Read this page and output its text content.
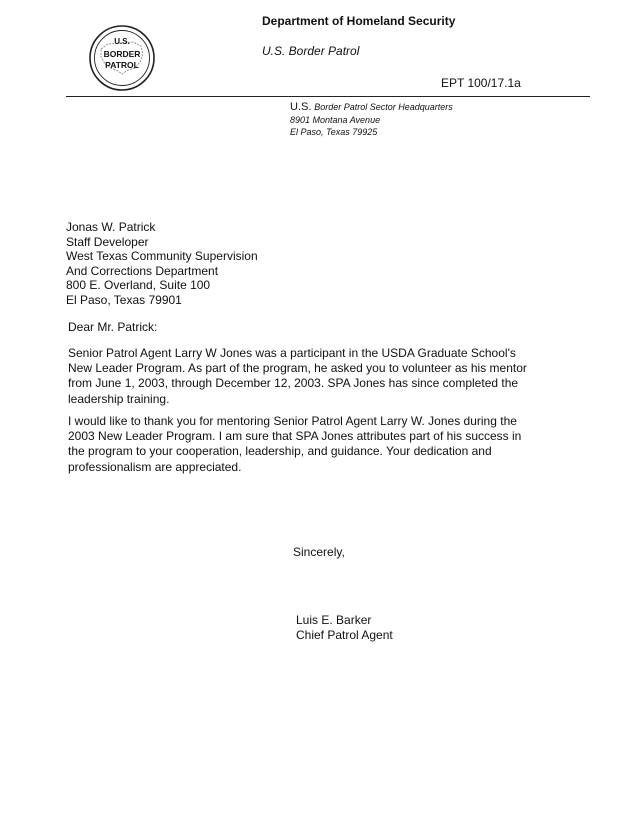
U.S.
BORDER
PATROL
Department of Homeland Security
U.S. Border Patrol
EPT 100/17.1a
U.S. Border Patrol Sector Headquarters
8901 Montana Avenue
El Paso, Texas 79925
Jonas W. Patrick
Staff Developer
West Texas Community Supervision
And Corrections Department
800 E. Overland, Suite 100
El Paso, Texas 79901
Dear Mr. Patrick:
Senior Patrol Agent Larry W Jones was a participant in the USDA Graduate School's
New Leader Program. As part of the program, he asked you to volunteer as his mentor
from June 1, 2003, through December 12, 2003. SPA Jones has since completed the
leadership training.
I would like to thank you for mentoring Senior Patrol Agent Larry W. Jones during the
2003 New Leader Program. I am sure that SPA Jones attributes part of his success in
the program to your cooperation, leadership, and guidance. Your dedication and
professionalism are appreciated.
Sincerely,
Luis E. Barker
Chief Patrol Agent
